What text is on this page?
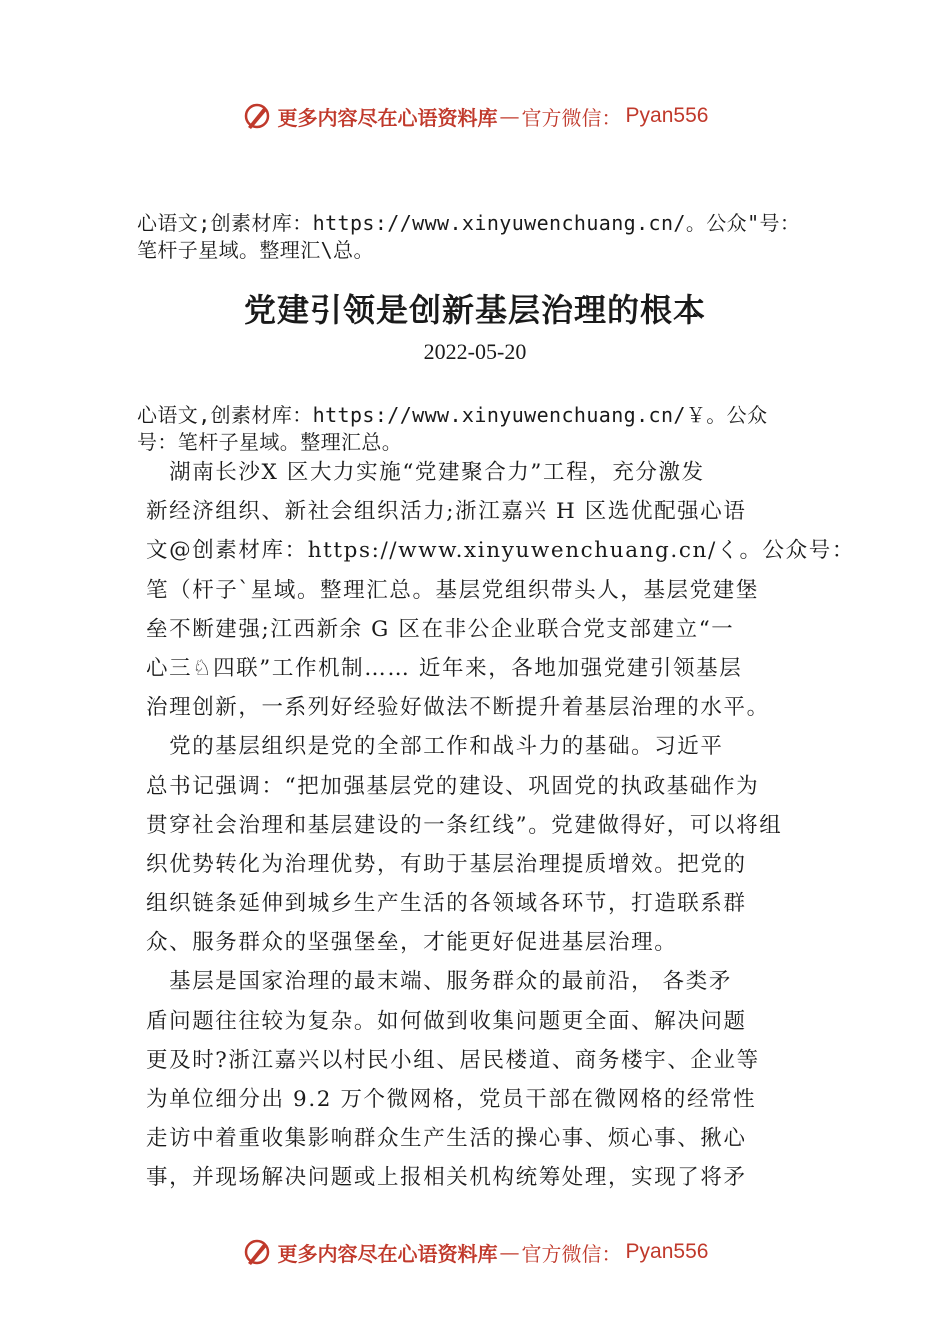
更多内容尽在心语资料库 — 官方微信： Pyan556
心语文;创素材库：https://www.xinyuwenchuang.cn/。公众"号：
笔杆子星域。整理汇\总。
党建引领是创新基层治理的根本
2022-05-20
心语文,创素材库：https://www.xinyuwenchuang.cn/￥。公众
号：笔杆子星域。整理汇总。
　湖南长沙X 区大力实施“党建聚合力”工程，充分激发
新经济组织、新社会组织活力;浙江嘉兴 H 区选优配强心语
文@创素材库：https://www.xinyuwenchuang.cn/く。公众号：
笔（杆子`星域。整理汇总。基层党组织带头人，基层党建堡
垒不断建强;江西新余 G 区在非公企业联合党支部建立“一
心三♘四联”工作机制…… 近年来，各地加强党建引领基层
治理创新，一系列好经验好做法不断提升着基层治理的水平。
　党的基层组织是党的全部工作和战斗力的基础。习近平
总书记强调：“把加强基层党的建设、巩固党的执政基础作为
贯穿社会治理和基层建设的一条红线”。党建做得好，可以将组
织优势转化为治理优势，有助于基层治理提质增效。把党的
组织链条延伸到城乡生产生活的各领域各环节，打造联系群
众、服务群众的坚强堡垒，才能更好促进基层治理。
　基层是国家治理的最末端、服务群众的最前沿， 各类矛
盾问题往往较为复杂。如何做到收集问题更全面、解决问题
更及时?浙江嘉兴以村民小组、居民楼道、商务楼宇、企业等
为单位细分出 9.2 万个微网格，党员干部在微网格的经常性
走访中着重收集影响群众生产生活的操心事、烦心事、揪心
事，并现场解决问题或上报相关机构统筹处理，实现了将矛
更多内容尽在心语资料库 — 官方微信： Pyan556
